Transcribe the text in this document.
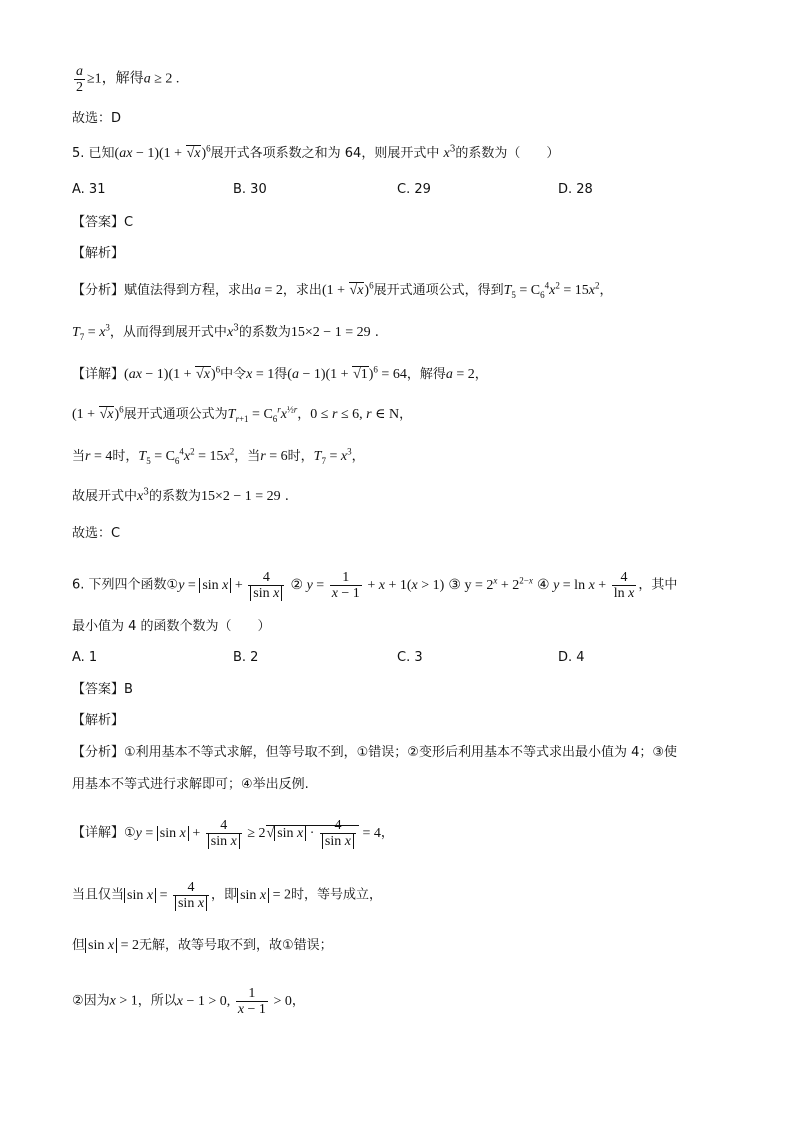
$\frac{a}{2} \ge 1$，解得a ≥ 2 .
故选：D
5. 已知$(ax - 1)(1 + √x)^6$展开式各项系数之和为 64，则展开式中 $x^3$的系数为（　　）
A. 31	B. 30	C. 29	D. 28
【答案】C
【解析】
【分析】赋值法得到方程，求出a = 2，求出$(1 + √x)^6$展开式通项公式，得到$T_5 = C_6^4x^2 = 15x^2$，
$T_7 = x^3$，从而得到展开式中$x^3$的系数为15×2 − 1 = 29 .
【详解】$(ax - 1)(1 + √x)^6$中令x = 1得$(a - 1)(1 + √1)^6 = 64$，解得a = 2，
$(1 + √x)^6$展开式通项公式为$T_{r+1} = C_6^rx^{\frac{1}{2}r}$，0 ≤ r ≤ 6, r ∈ N，
当r = 4时，$T_5 = C_6^4x^2 = 15x^2$，当r = 6时，$T_7 = x^3$，
故展开式中$x^3$的系数为15×2 − 1 = 29 .
故选：C
6. 下列四个函数①y = $\sin x + \frac{4}{\text{sin x}}$ ② $y = \frac{1}{x - 1} + x + 1(x > 1)$ ③ $y = 2^x + 2^{2-x}$ ④ $y = \ln x + \frac{4}{\text{ln x}}$ ，其中
最小值为 4 的函数个数为（　　）
A. 1	B. 2	C. 3	D. 4
【答案】B
【解析】
【分析】①利用基本不等式求解，但等号取不到，①错误；②变形后利用基本不等式求出最小值为 4；③使
用基本不等式进行求解即可；④举出反例.
【详解】①y = $\sin x + \frac{4}{\text{sin x}} \ge 2√$ $\sin x \cdot \frac{4}{\text{sin x}} = 4$，
当且仅当 $\sin x = \frac{4}{\text{sin x}}$ ，即 sin x = 2时，等号成立，
但 sin x = 2无解，故等号取不到，故①错误；
②因为x > 1，所以x − 1 > 0, $\frac{1}{x - 1} > 0$，
